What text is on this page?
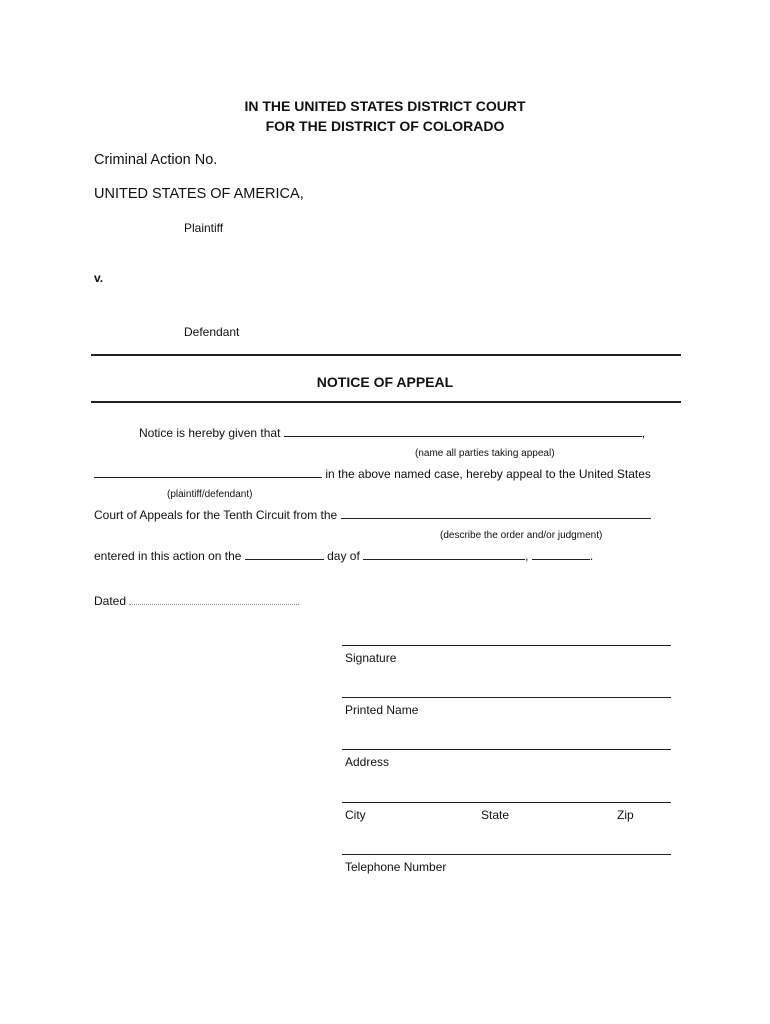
IN THE UNITED STATES DISTRICT COURT
FOR THE DISTRICT OF COLORADO
Criminal Action No.
UNITED STATES OF AMERICA,
Plaintiff
v.
Defendant
NOTICE OF APPEAL
Notice is hereby given that	,
(name all parties taking appeal)
in the above named case, hereby appeal to the United States
(plaintiff/defendant)
Court of Appeals for the Tenth Circuit from the
(describe the order and/or judgment)
entered in this action on the	day of	,	.
Dated
Signature
Printed Name
Address
City	State	Zip
Telephone Number
